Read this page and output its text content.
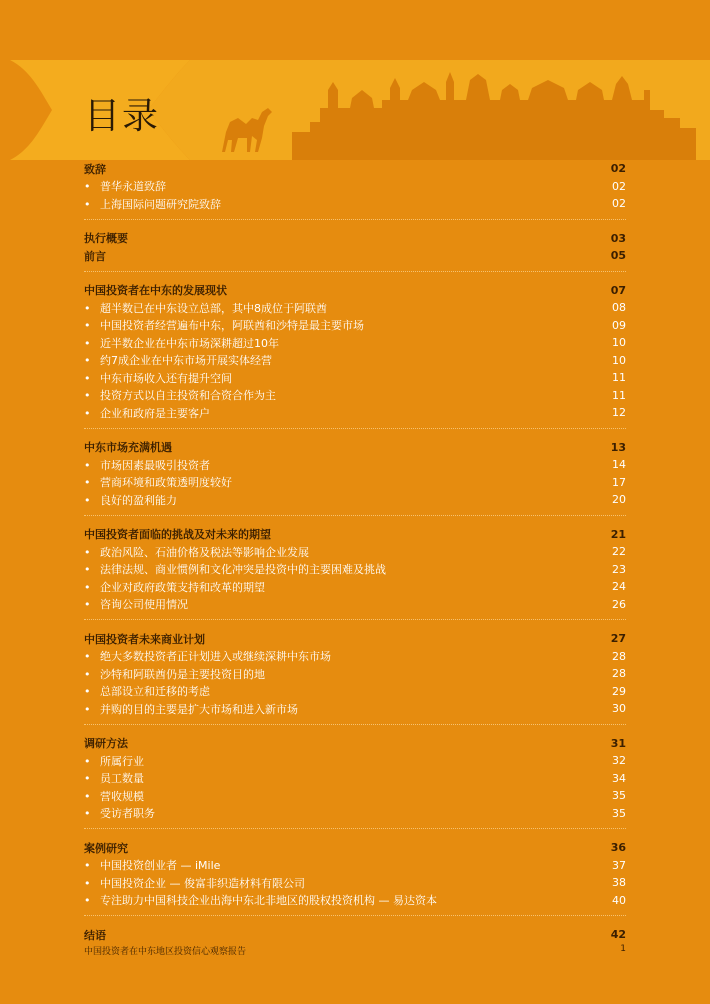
目录
致辞	02
• 普华永道致辞	02
• 上海国际问题研究院致辞	02
执行概要	03
前言	05
中国投资者在中东的发展现状	07
• 超半数已在中东设立总部，其中8成位于阿联酋	08
• 中国投资者经营遍布中东，阿联酋和沙特是最主要市场	09
• 近半数企业在中东市场深耕超过10年	10
• 约7成企业在中东市场开展实体经营	10
• 中东市场收入还有提升空间	11
• 投资方式以自主投资和合资合作为主	11
• 企业和政府是主要客户	12
中东市场充满机遇	13
• 市场因素最吸引投资者	14
• 营商环境和政策透明度较好	17
• 良好的盈利能力	20
中国投资者面临的挑战及对未来的期望	21
• 政治风险、石油价格及税法等影响企业发展	22
• 法律法规、商业惯例和文化冲突是投资中的主要困难及挑战	23
• 企业对政府政策支持和改革的期望	24
• 咨询公司使用情况	26
中国投资者未来商业计划	27
• 绝大多数投资者正计划进入或继续深耕中东市场	28
• 沙特和阿联酋仍是主要投资目的地	28
• 总部设立和迁移的考虑	29
• 并购的目的主要是扩大市场和进入新市场	30
调研方法	31
• 所属行业	32
• 员工数量	34
• 营收规模	35
• 受访者职务	35
案例研究	36
• 中国投资创业者 — iMile	37
• 中国投资企业 — 俊富非织造材料有限公司	38
• 专注助力中国科技企业出海中东北非地区的股权投资机构 — 易达资本	40
结语	42
中国投资者在中东地区投资信心观察报告	1
